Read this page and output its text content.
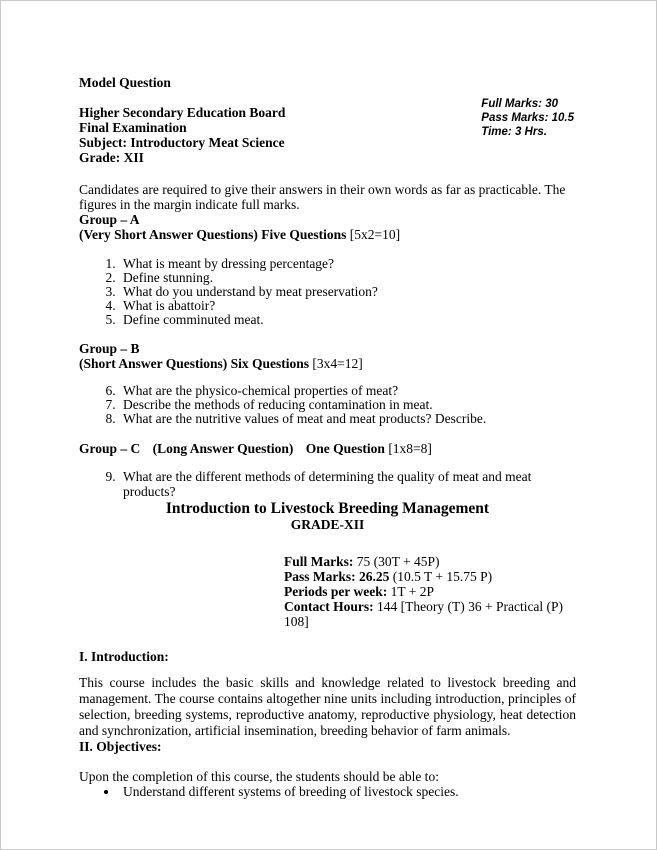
Model Question
Higher Secondary Education Board
Final Examination
Subject: Introductory Meat Science
Grade: XII
Full Marks: 30
Pass Marks: 10.5
Time: 3 Hrs.

Candidates are required to give their answers in their own words as far as practicable. The figures in the margin indicate full marks.

Group – A
(Very Short Answer Questions) Five Questions [5x2=10]
1. What is meant by dressing percentage?
2. Define stunning.
3. What do you understand by meat preservation?
4. What is abattoir?
5. Define comminuted meat.
Group – B
(Short Answer Questions) Six Questions [3x4=12]
6. What are the physico-chemical properties of meat?
7. Describe the methods of reducing contamination in meat.
8. What are the nutritive values of meat and meat products? Describe.
Group – C (Long Answer Question) One Question [1x8=8]
9. What are the different methods of determining the quality of meat and meat products?
Introduction to Livestock Breeding Management
GRADE-XII
Full Marks: 75 (30T + 45P)
Pass Marks: 26.25 (10.5 T + 15.75 P)
Periods per week: 1T + 2P
Contact Hours: 144 [Theory (T) 36 + Practical (P) 108]
I. Introduction:

This course includes the basic skills and knowledge related to livestock breeding and management. The course contains altogether nine units including introduction, principles of selection, breeding systems, reproductive anatomy, reproductive physiology, heat detection and synchronization, artificial insemination, breeding behavior of farm animals.

II. Objectives:

Upon the completion of this course, the students should be able to:

• Understand different systems of breeding of livestock species.
